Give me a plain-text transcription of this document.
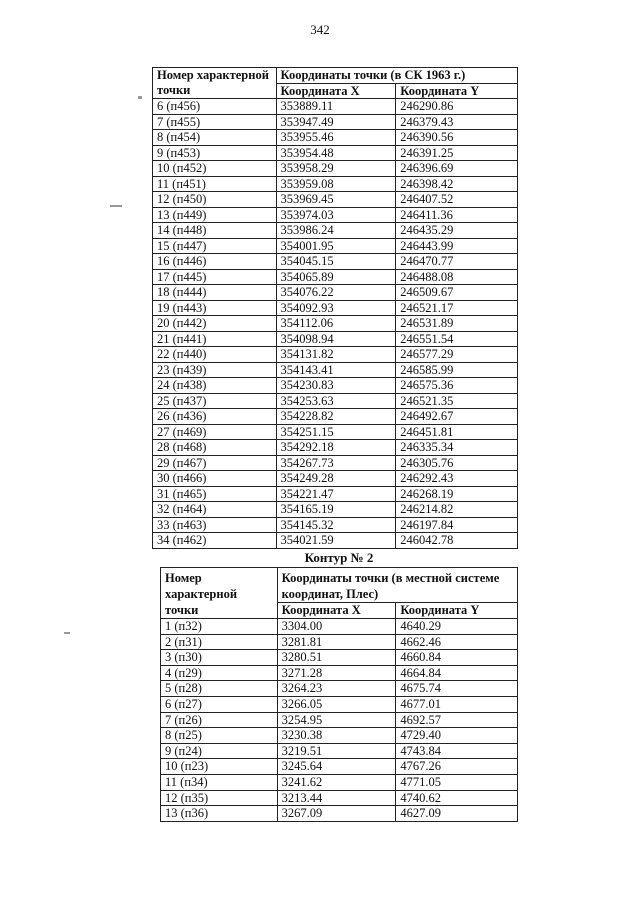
342
Номер характерной точки	Координаты точки (в СК 1963 г.)	
	Координата X	Координата Y
6 (п456)	353889.11	246290.86
7 (п455)	353947.49	246379.43
8 (п454)	353955.46	246390.56
9 (п453)	353954.48	246391.25
10 (п452)	353958.29	246396.69
11 (п451)	353959.08	246398.42
12 (п450)	353969.45	246407.52
13 (п449)	353974.03	246411.36
14 (п448)	353986.24	246435.29
15 (п447)	354001.95	246443.99
16 (п446)	354045.15	246470.77
17 (п445)	354065.89	246488.08
18 (п444)	354076.22	246509.67
19 (п443)	354092.93	246521.17
20 (п442)	354112.06	246531.89
21 (п441)	354098.94	246551.54
22 (п440)	354131.82	246577.29
23 (п439)	354143.41	246585.99
24 (п438)	354230.83	246575.36
25 (п437)	354253.63	246521.35
26 (п436)	354228.82	246492.67
27 (п469)	354251.15	246451.81
28 (п468)	354292.18	246335.34
29 (п467)	354267.73	246305.76
30 (п466)	354249.28	246292.43
31 (п465)	354221.47	246268.19
32 (п464)	354165.19	246214.82
33 (п463)	354145.32	246197.84
34 (п462)	354021.59	246042.78
Контур № 2
Номер характерной точки	Координаты точки (в местной системе координат, Плес)	
	Координата X	Координата Y
1 (п32)	3304.00	4640.29
2 (п31)	3281.81	4662.46
3 (п30)	3280.51	4660.84
4 (п29)	3271.28	4664.84
5 (п28)	3264.23	4675.74
6 (п27)	3266.05	4677.01
7 (п26)	3254.95	4692.57
8 (п25)	3230.38	4729.40
9 (п24)	3219.51	4743.84
10 (п23)	3245.64	4767.26
11 (п34)	3241.62	4771.05
12 (п35)	3213.44	4740.62
13 (п36)	3267.09	4627.09
